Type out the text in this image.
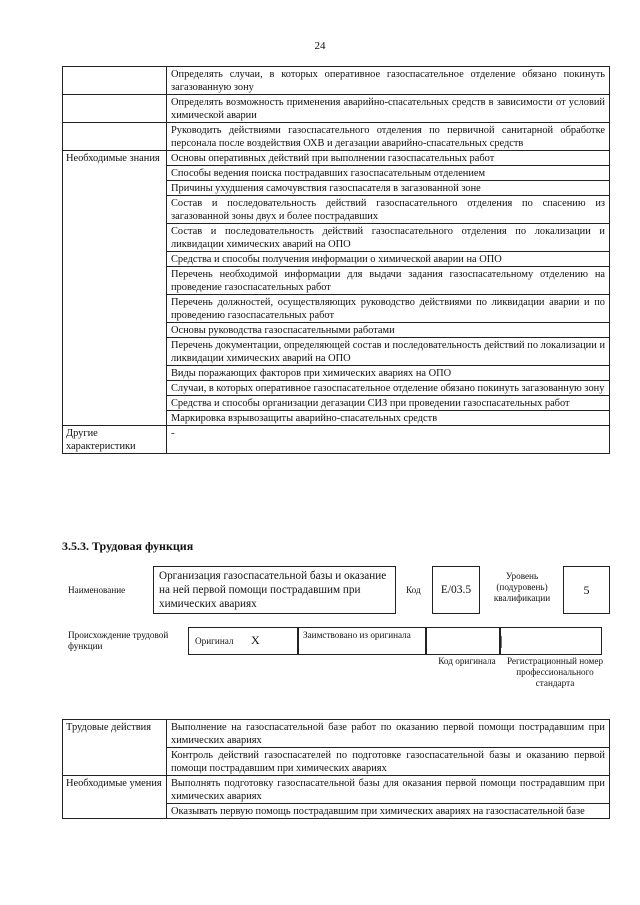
24
	Определять случаи, в которых оперативное газоспасательное отделение обязано покинуть загазованную зону
	Определять возможность применения аварийно-спасательных средств в зависимости от условий химической аварии
	Руководить действиями газоспасательного отделения по первичной санитарной обработке персонала после воздействия ОХВ и дегазации аварийно-спасательных средств
Необходимые знания	Основы оперативных действий при выполнении газоспасательных работ
	Способы ведения поиска пострадавших газоспасательным отделением
	Причины ухудшения самочувствия газоспасателя в загазованной зоне
	Состав и последовательность действий газоспасательного отделения по спасению из загазованной зоны двух и более пострадавших
	Состав и последовательность действий газоспасательного отделения по локализации и ликвидации химических аварий на ОПО
	Средства и способы получения информации о химической аварии на ОПО
	Перечень необходимой информации для выдачи задания газоспасательному отделению на проведение газоспасательных работ
	Перечень должностей, осуществляющих руководство действиями по ликвидации аварии и по проведению газоспасательных работ
	Основы руководства газоспасательными работами
	Перечень документации, определяющей состав и последовательность действий по локализации и ликвидации химических аварий на ОПО
	Виды поражающих факторов при химических авариях на ОПО
	Случаи, в которых оперативное газоспасательное отделение обязано покинуть загазованную зону
	Средства и способы организации дегазации СИЗ при проведении газоспасательных работ
	Маркировка взрывозащиты аварийно-спасательных средств
Другие характеристики	-
3.5.3. Трудовая функция
Наименование
Организация газоспасательной базы и оказание на ней первой помощи пострадавшим при химических авариях
Код	E/03.5
Уровень (подуровень) квалификации
5
Происхождение трудовой функции	Оригинал X	Заимствовано из оригинала
Код оригинала	Регистрационный номер профессионального стандарта
Трудовые действия	Выполнение на газоспасательной базе работ по оказанию первой помощи пострадавшим при химических авариях
	Контроль действий газоспасателей по подготовке газоспасательной базы и оказанию первой помощи пострадавшим при химических авариях
Необходимые умения	Выполнять подготовку газоспасательной базы для оказания первой помощи пострадавшим при химических авариях
	Оказывать первую помощь пострадавшим при химических авариях на газоспасательной базе
